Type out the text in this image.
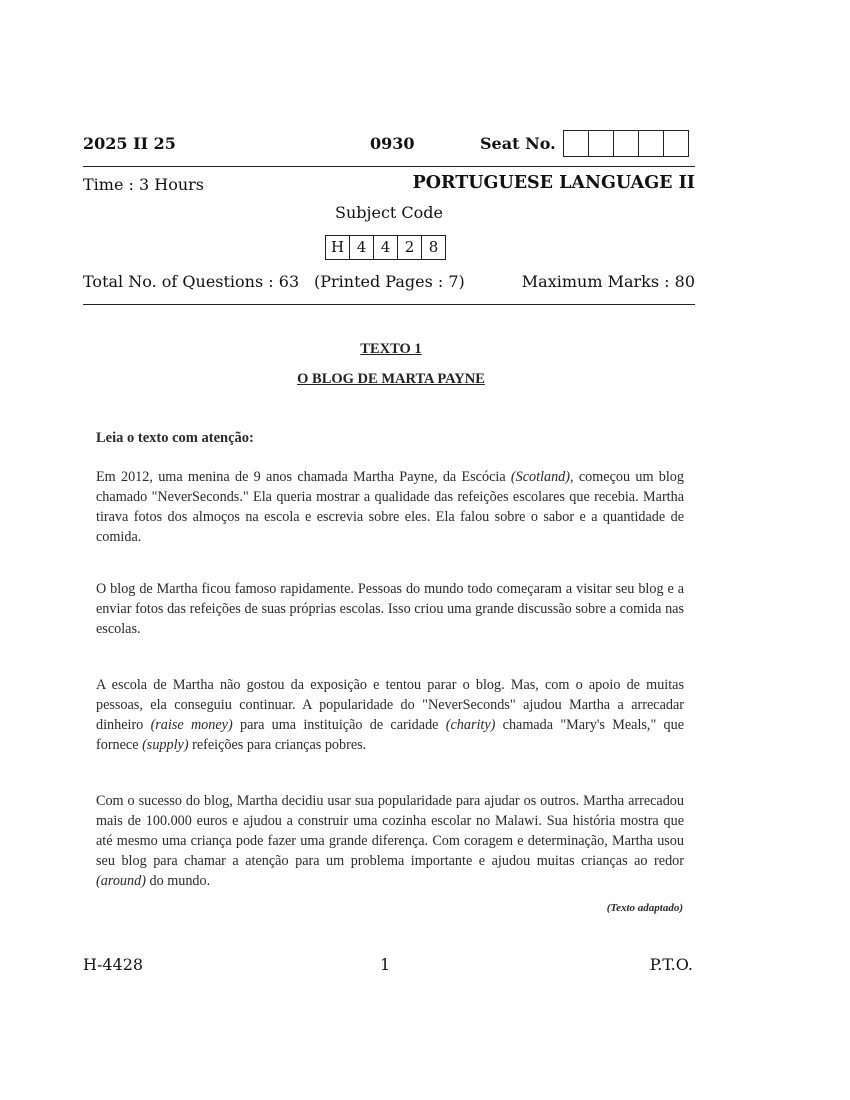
2025 II 25	0930	Seat No.
Time : 3 Hours	PORTUGUESE LANGUAGE II
Subject Code
H 4 4 2 8
Total No. of Questions : 63 (Printed Pages : 7)	Maximum Marks : 80
TEXTO 1
O BLOG DE MARTA PAYNE
Leia o texto com atenção:
Em 2012, uma menina de 9 anos chamada Martha Payne, da Escócia (Scotland), começou um blog chamado "NeverSeconds." Ela queria mostrar a qualidade das refeições escolares que recebia. Martha tirava fotos dos almoços na escola e escrevia sobre eles. Ela falou sobre o sabor e a quantidade de comida.
O blog de Martha ficou famoso rapidamente. Pessoas do mundo todo começaram a visitar seu blog e a enviar fotos das refeições de suas próprias escolas. Isso criou uma grande discussão sobre a comida nas escolas.
A escola de Martha não gostou da exposição e tentou parar o blog. Mas, com o apoio de muitas pessoas, ela conseguiu continuar. A popularidade do "NeverSeconds" ajudou Martha a arrecadar dinheiro (raise money) para uma instituição de caridade (charity) chamada "Mary's Meals," que fornece (supply) refeições para crianças pobres.
Com o sucesso do blog, Martha decidiu usar sua popularidade para ajudar os outros. Martha arrecadou mais de 100.000 euros e ajudou a construir uma cozinha escolar no Malawi. Sua história mostra que até mesmo uma criança pode fazer uma grande diferença. Com coragem e determinação, Martha usou seu blog para chamar a atenção para um problema importante e ajudou muitas crianças ao redor (around) do mundo.
(Texto adaptado)
H-4428	1	P.T.O.
